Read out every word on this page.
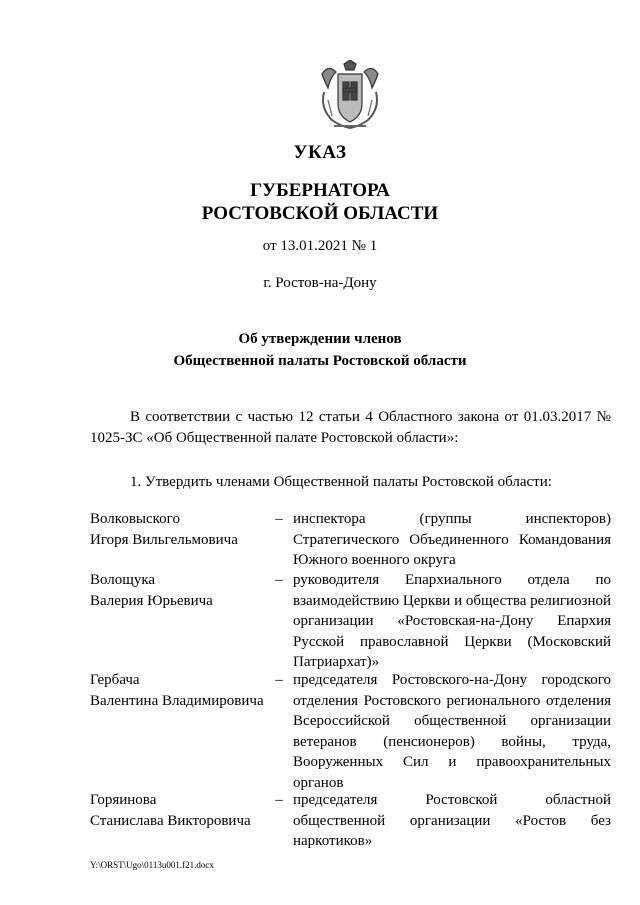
УКАЗ
ГУБЕРНАТОРА
РОСТОВСКОЙ ОБЛАСТИ
от 13.01.2021 № 1
г. Ростов-на-Дону
Об утверждении членов
Общественной палаты Ростовской области
В соответствии с частью 12 статьи 4 Областного закона от 01.03.2017 № 1025-ЗС «Об Общественной палате Ростовской области»:
1. Утвердить членами Общественной палаты Ростовской области:
Волковыского
Игоря Вильгельмовича
– инспектора (группы инспекторов) Стратегического Объединенного Командования Южного военного округа
Волощука
Валерия Юрьевича
– руководителя Епархиального отдела по взаимодействию Церкви и общества религиозной организации «Ростовская-на-Дону Епархия Русской православной Церкви (Московский Патриархат)»
Гербача
Валентина Владимировича
– председателя Ростовского-на-Дону городского отделения Ростовского регионального отделения Всероссийской общественной организации ветеранов (пенсионеров) войны, труда, Вооруженных Сил и правоохранительных органов
Горяинова
Станислава Викторовича
– председателя Ростовской областной общественной организации «Ростов без наркотиков»
Y:\ORST\Ugo\0113u001.f21.docx
